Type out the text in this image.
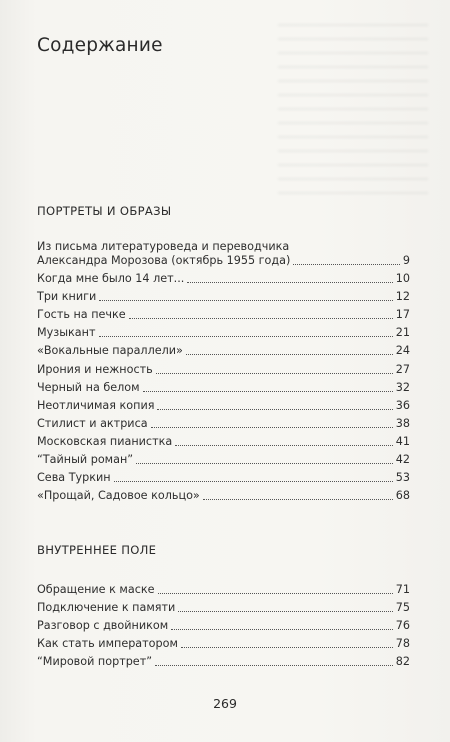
Содержание
ПОРТРЕТЫ И ОБРАЗЫ
Из письма литературоведа и переводчика
Александра Морозова (октябрь 1955 года)	9
Когда мне было 14 лет...	10
Три книги	12
Гость на печке	17
Музыкант	21
«Вокальные параллели»	24
Ирония и нежность	27
Черный на белом	32
Неотличимая копия	36
Стилист и актриса	38
Московская пианистка	41
“Тайный роман”	42
Сева Туркин	53
«Прощай, Садовое кольцо»	68
ВНУТРЕННЕЕ ПОЛЕ
Обращение к маске	71
Подключение к памяти	75
Разговор с двойником	76
Как стать императором	78
“Мировой портрет”	82
269
